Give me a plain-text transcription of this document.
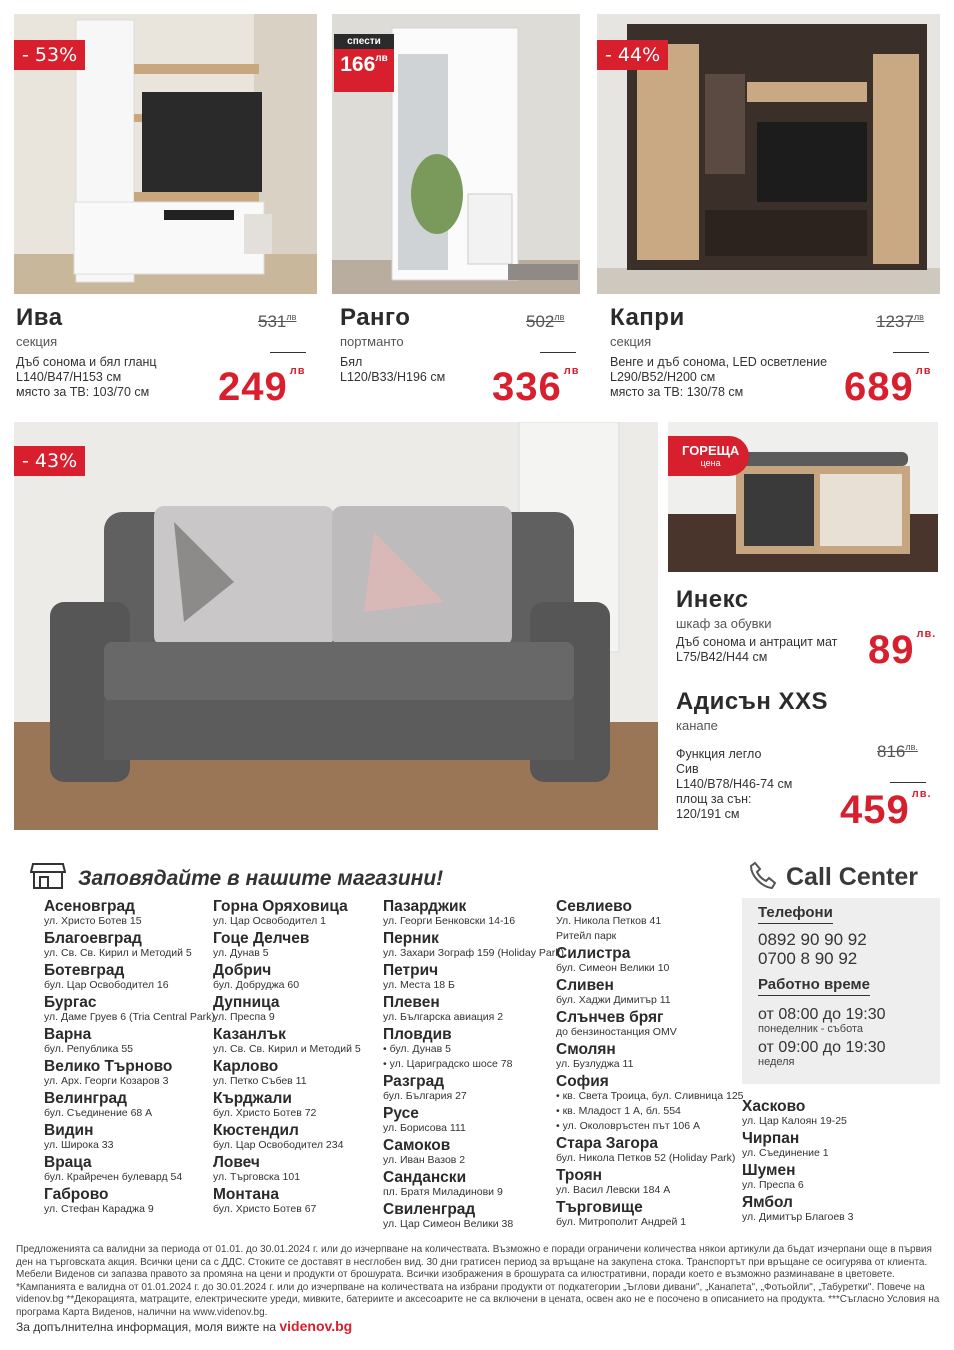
- 53%
спести
$166^{лв}$	- 44%
Ива
секция
Дъб сонома и бял гланц
L140/B47/H153 см
място за ТВ: 103/70 см
$531^{лв}$
249 $^{лв}$
Ранго
портманто
Бял
L120/B33/H196 см
$502^{лв}$
336 $^{лв}$
Капри
секция
Венге и дъб сонома, LED осветление
L290/B52/H200 см
място за ТВ: 130/78 см
$1237^{лв}$
689 $^{лв}$
- 43%	ГОРЕЩА
цена
Инекс
шкаф за обувки
Дъб сонома и антрацит мат
L75/B42/H44 см	89 $^{лв.}$
Адисън XXS
канапе
Функция легло
Сив
L140/B78/H46-74 см
площ за сън:
120/191 см
$816^{лв.}$
459 $^{лв.}$
Заповядайте в нашите магазини!
Асеновград
ул. Христо Ботев 15
Благоевград
ул. Св. Св. Кирил и Методий 5
Ботевград
бул. Цар Освободител 16
Бургас
ул. Даме Груев 6 (Tria Central Park)
Варна
бул. Република 55
Велико Търново
ул. Арх. Георги Козаров 3
Велинград
бул. Съединение 68 А
Видин
ул. Широка 33
Враца
бул. Крайречен булевард 54
Габрово
ул. Стефан Караджа 9
Горна Оряховица
ул. Цар Освободител 1
Гоце Делчев
ул. Дунав 5
Добрич
бул. Добруджа 60
Дупница
ул. Преспа 9
Казанлък
ул. Св. Св. Кирил и Методий 5
Карлово
ул. Петко Събев 11
Кърджали
бул. Христо Ботев 72
Кюстендил
бул. Цар Освободител 234
Ловеч
ул. Търговска 101
Монтана
бул. Христо Ботев 67
Пазарджик
ул. Георги Бенковски 14-16
Перник
ул. Захари Зограф 159 (Holiday Park)
Петрич
ул. Места 18 Б
Плевен
ул. Българска авиация 2
Пловдив
• бул. Дунав 5
• ул. Цариградско шосе 78
Разград
бул. България 27
Русе
ул. Борисова 111
Самоков
ул. Иван Вазов 2
Сандански
пл. Братя Миладинови 9
Свиленград
ул. Цар Симеон Велики 38
Севлиево
Ул. Никола Петков 41
Ритейл парк
Силистра
бул. Симеон Велики 10
Сливен
бул. Хаджи Димитър 11
Слънчев бряг
до бензиностанция OMV
Смолян
ул. Бузлуджа 11
София
• кв. Света Троица, бул. Сливница 125
• кв. Младост 1 А, бл. 554
• ул. Околовръстен път 106 А
Стара Загора
бул. Никола Петков 52 (Holiday Park)
Троян
ул. Васил Левски 184 А
Търговище
бул. Митрополит Андрей 1
Хасково
ул. Цар Калоян 19-25
Чирпан
ул. Съединение 1
Шумен
ул. Преспа 6
Ямбол
ул. Димитър Благоев 3
Call Center
Телефони
0892 90 90 92
0700 8 90 92
Работно време
от 08:00 до 19:30
понеделник - събота
от 09:00 до 19:30
неделя
Предложенията са валидни за периода от 01.01. до 30.01.2024 г. или до изчерпване на количествата. Възможно е поради ограничени количества някои артикули да бъдат изчерпани още в първия ден на търговската акция. Всички цени са с ДДС. Стоките се доставят в несглобен вид. 30 дни гратисен период за връщане на закупена стока. Транспортът при връщане се осигурява от клиента. Мебели Виденов си запазва правото за промяна на цени и продукти от брошурата. Всички изображения в брошурата са илюстративни, поради което е възможно разминаване в цветовете. *Кампанията е валидна от 01.01.2024 г. до 30.01.2024 г. или до изчерпване на количествата на избрани продукти от подкатегории „Ъглови дивани", „Канапета", „Фотьойли", „Табуретки". Повече на videnov.bg **Декорацията, матраците, електрическите уреди, мивките, батериите и аксесоарите не са включени в цената, освен ако не е посочено в описанието на продукта. ***Съгласно Условия на програма Карта Виденов, налични на www.videnov.bg.
За допълнителна информация, моля вижте на videnov.bg
